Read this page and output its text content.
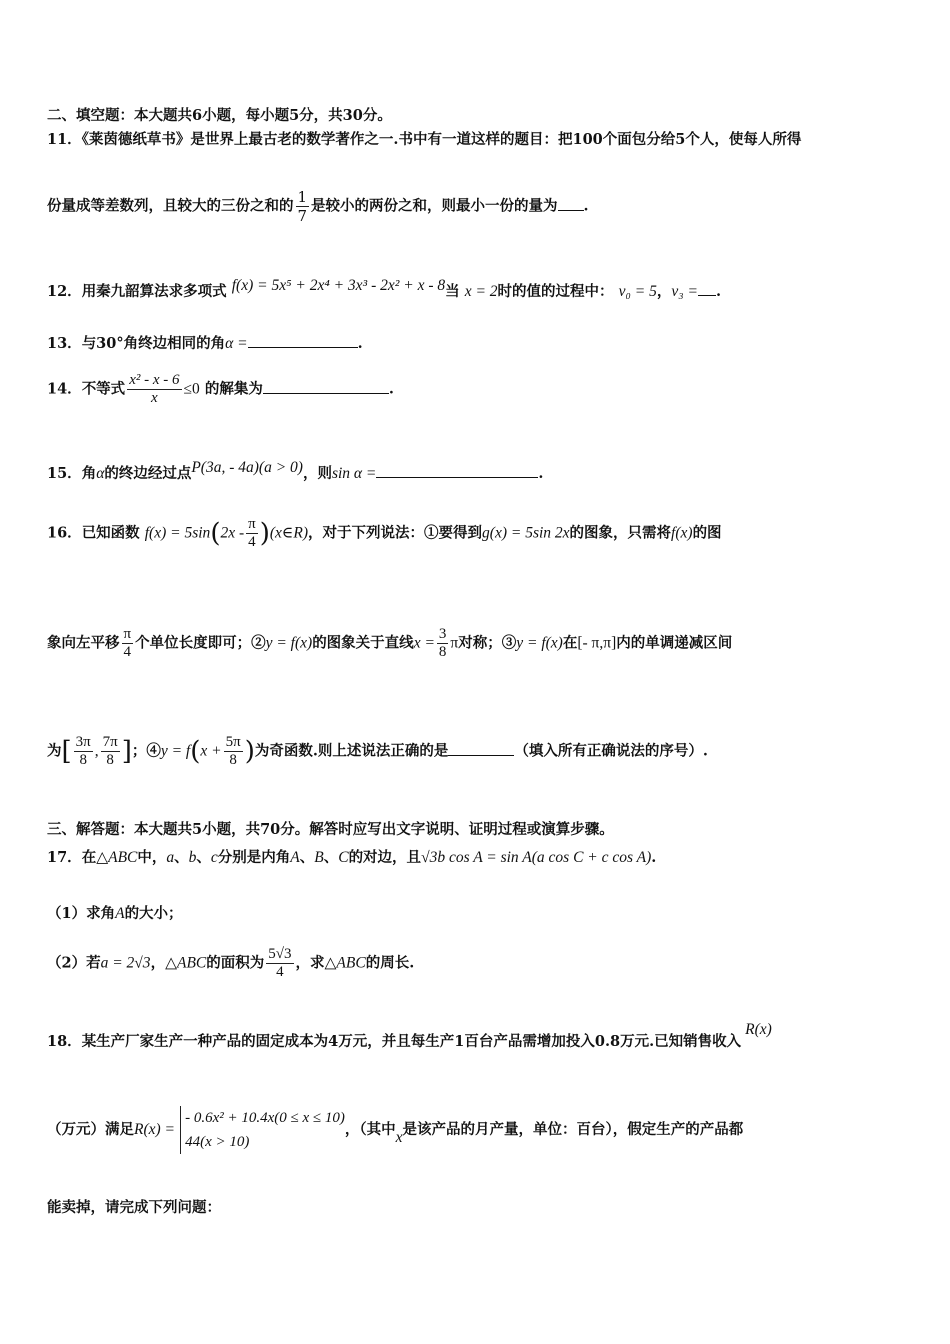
二、填空题：本大题共6小题，每小题5分，共30分。
11．《莱茵德纸草书》是世界上最古老的数学著作之一.书中有一道这样的题目：把100个面包分给5个人，使每人所得
份量成等差数列，且较大的三份之和的 $\frac{1}{7}$ 是较小的两份之和，则最小一份的量为 .
12．用秦九韶算法求多项式 f(x) = 5x⁵ + 2x⁴ + 3x³ - 2x² + x - 8当 x = 2时的值的过程中： v₀ = 5，v₃ = .
13．与30°角终边相同的角α =	.
14．不等式 $\frac{\text{x² - x - 6}}{x} \le 0$ 的解集为	.
15．角α的终边经过点P(3a, - 4a)(a > 0)，则sin α =	.
16．已知函数 $f(x) = 5\sin(2x - \frac{\pi}{4}$ )(x∈R)，对于下列说法：①要得到g(x) = 5sin 2x的图象，只需将f(x)的图
象向左平移 $\frac{\pi}{4}$ 个单位长度即可；②y = f(x)的图象关于直线$x = \frac{3}{8}$ π对称；③y = f(x)在[- π,π]内的单调递减区间
为[ $\frac{3\pi}{8}$ , $\frac{7\pi}{8}$ ]；④y = $f(x + \frac{5\pi}{8}$ )为奇函数.则上述说法正确的是	（填入所有正确说法的序号）.
三、解答题：本大题共5小题，共70分。解答时应写出文字说明、证明过程或演算步骤。
17．在△ABC中，a、b、c分别是内角A、B、C的对边，且√3b cos A = sin A(a cos C + c cos A).
（1）求角A的大小；
（2）若a = 2√3，△ABC的面积为 $\frac{5√3}{4}$ ，求△ABC的周长.
18．某生产厂家生产一种产品的固定成本为4万元，并且每生产1百台产品需增加投入0.8万元.已知销售收入R(x)
（万元）满足R(x) =
- 0.6x² + 10.4x(0 ≤ x ≤ 10)
44(x > 10)
，（其中x是该产品的月产量，单位：百台），假定生产的产品都
能卖掉，请完成下列问题：
